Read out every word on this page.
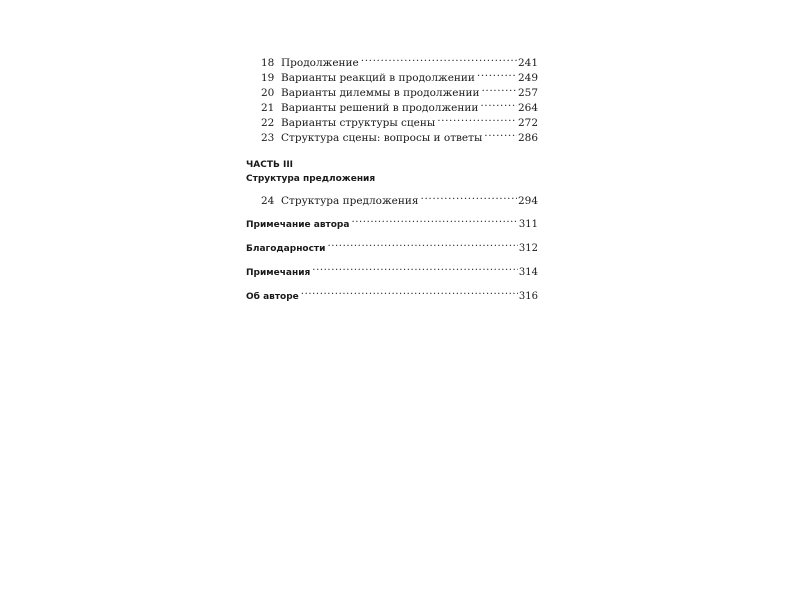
18 Продолжение .....	241
19 Варианты реакций в продолжении .....	249
20 Варианты дилеммы в продолжении .....	257
21 Варианты решений в продолжении .....	264
22 Варианты структуры сцены .....	272
23 Структура сцены: вопросы и ответы .....	286
ЧАСТЬ III
Структура предложения
24 Структура предложения .....	294
Примечание автора .....	311
Благодарности .....	312
Примечания .....	314
Об авторе .....	316
